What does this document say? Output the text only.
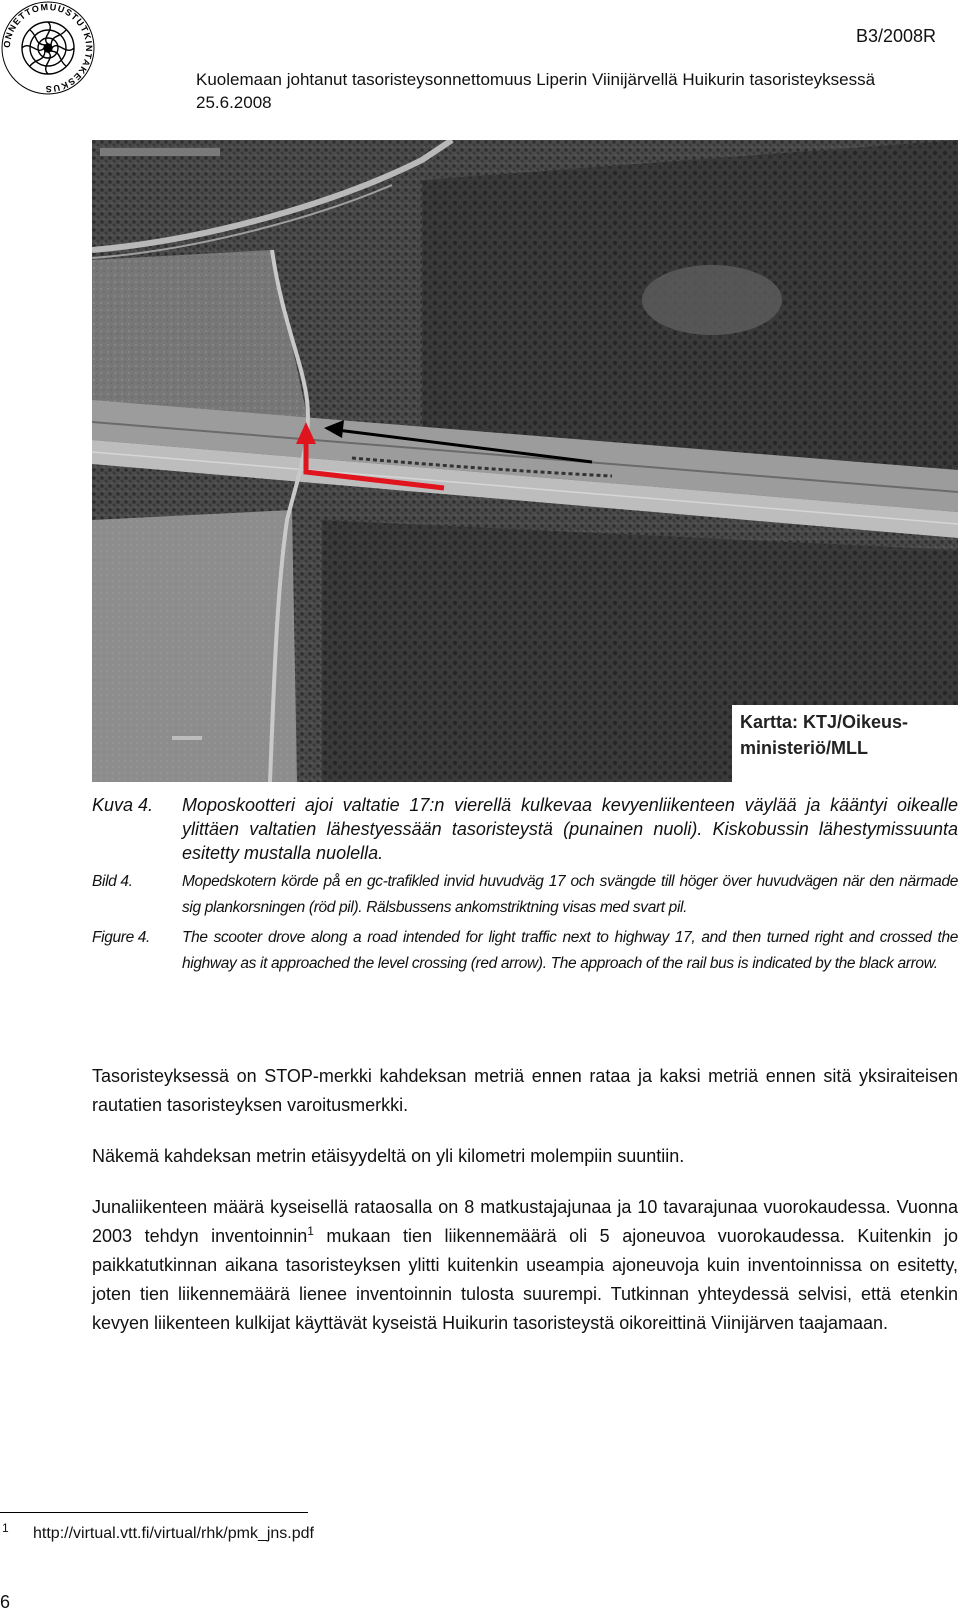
ONNETTOMUUSTUTKINTAKESKUS
B3/2008R
Kuolemaan johtanut tasoristeysonnettomuus Liperin Viinijärvellä Huikurin tasoristeyksessä
25.6.2008
Kartta: KTJ/Oikeus-
ministeriö/MLL
Kuva 4.	Moposkootteri ajoi valtatie 17:n vierellä kulkevaa kevyenliikenteen väylää ja kääntyi oikealle ylittäen valtatien lähestyessään tasoristeystä (punainen nuoli). Kiskobussin lähestymissuunta esitetty mustalla nuolella.
Bild 4.	Mopedskotern körde på en gc-trafikled invid huvudväg 17 och svängde till höger över huvudvägen när den närmade sig plankorsningen (röd pil). Rälsbussens ankomstriktning visas med svart pil.
Figure 4.	The scooter drove along a road intended for light traffic next to highway 17, and then turned right and crossed the highway as it approached the level crossing (red arrow). The approach of the rail bus is indicated by the black arrow.

Tasoristeyksessä on STOP-merkki kahdeksan metriä ennen rataa ja kaksi metriä ennen sitä yksiraiteisen rautatien tasoristeyksen varoitusmerkki.

Näkemä kahdeksan metrin etäisyydeltä on yli kilometri molempiin suuntiin.

Junaliikenteen määrä kyseisellä rataosalla on 8 matkustajajunaa ja 10 tavarajunaa vuorokaudessa. Vuonna 2003 tehdyn inventoinnin$^1$ mukaan tien liikennemäärä oli 5 ajoneuvoa vuorokaudessa. Kuitenkin jo paikkatutkinnan aikana tasoristeyksen ylitti kuitenkin useampia ajoneuvoja kuin inventoinnissa on esitetty, joten tien liikennemäärä lienee inventoinnin tulosta suurempi. Tutkinnan yhteydessä selvisi, että etenkin kevyen liikenteen kulkijat käyttävät kyseistä Huikurin tasoristeystä oikoreittinä Viinijärven taajamaan.

1 http://virtual.vtt.fi/virtual/rhk/pmk_jns.pdf
6
